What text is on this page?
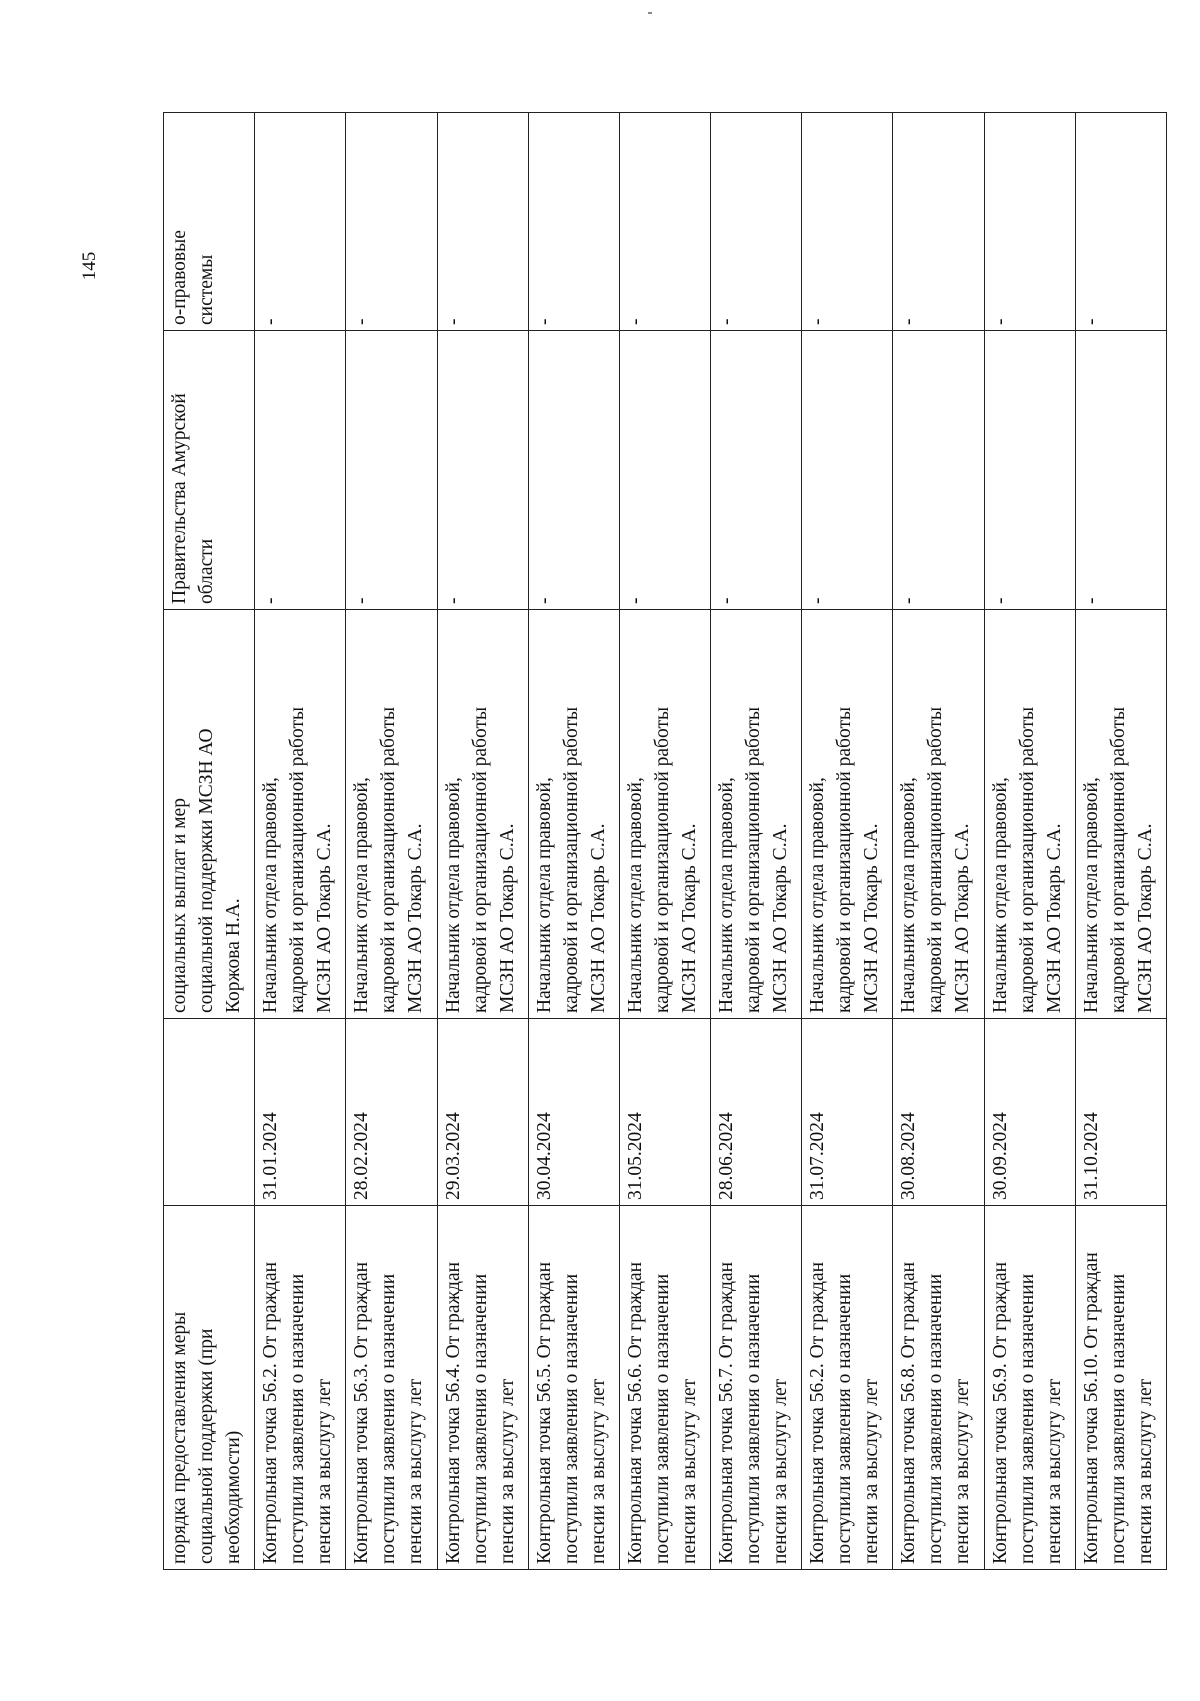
145
порядка предоставления меры социальной поддержки (при необходимости)		социальных выплат и мер социальной поддержки МСЗН АО Коржова Н.А.	Правительства Амурской области	о-правовые системы

Контрольная точка 56.2. От граждан поступили заявления о назначении пенсии за выслугу лет	31.01.2024	Начальник отдела правовой, кадровой и организационной работы МСЗН АО Токарь С.А.	-	-

Контрольная точка 56.3. От граждан поступили заявления о назначении пенсии за выслугу лет	28.02.2024	Начальник отдела правовой, кадровой и организационной работы МСЗН АО Токарь С.А.	-	-

Контрольная точка 56.4. От граждан поступили заявления о назначении пенсии за выслугу лет	29.03.2024	Начальник отдела правовой, кадровой и организационной работы МСЗН АО Токарь С.А.	-	-

Контрольная точка 56.5. От граждан поступили заявления о назначении пенсии за выслугу лет	30.04.2024	Начальник отдела правовой, кадровой и организационной работы МСЗН АО Токарь С.А.	-	-

Контрольная точка 56.6. От граждан поступили заявления о назначении пенсии за выслугу лет	31.05.2024	Начальник отдела правовой, кадровой и организационной работы МСЗН АО Токарь С.А.	-	-

Контрольная точка 56.7. От граждан поступили заявления о назначении пенсии за выслугу лет	28.06.2024	Начальник отдела правовой, кадровой и организационной работы МСЗН АО Токарь С.А.	-	-

Контрольная точка 56.2. От граждан поступили заявления о назначении пенсии за выслугу лет	31.07.2024	Начальник отдела правовой, кадровой и организационной работы МСЗН АО Токарь С.А.	-	-

Контрольная точка 56.8. От граждан поступили заявления о назначении пенсии за выслугу лет	30.08.2024	Начальник отдела правовой, кадровой и организационной работы МСЗН АО Токарь С.А.	-	-

Контрольная точка 56.9. От граждан поступили заявления о назначении пенсии за выслугу лет	30.09.2024	Начальник отдела правовой, кадровой и организационной работы МСЗН АО Токарь С.А.	-	-

Контрольная точка 56.10. От граждан поступили заявления о назначении пенсии за выслугу лет	31.10.2024	Начальник отдела правовой, кадровой и организационной работы МСЗН АО Токарь С.А.	-	-
